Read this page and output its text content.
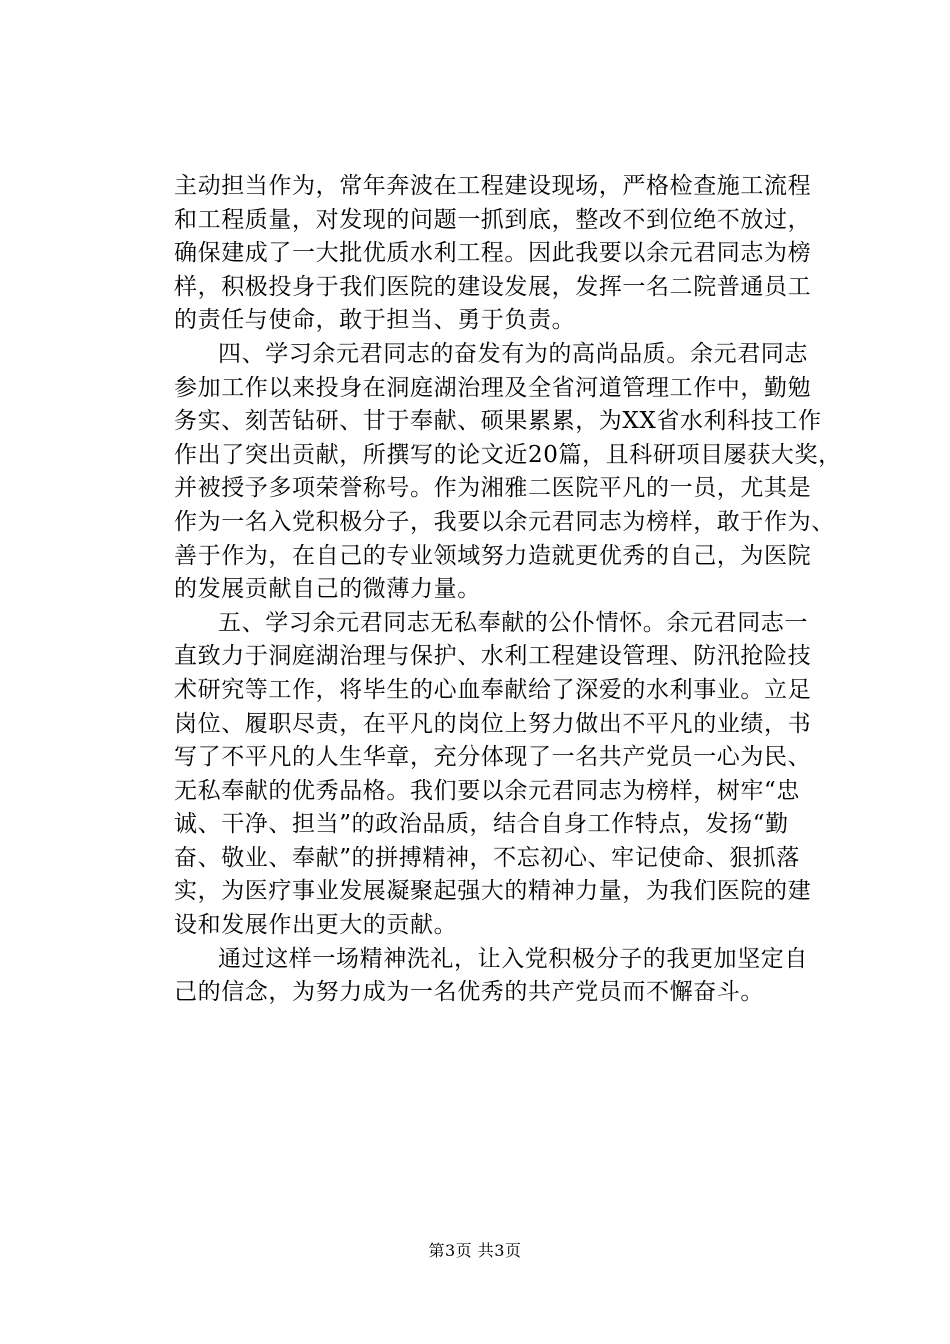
主动担当作为，常年奔波在工程建设现场，严格检查施工流程
和工程质量，对发现的问题一抓到底，整改不到位绝不放过，
确保建成了一大批优质水利工程。因此我要以余元君同志为榜
样，积极投身于我们医院的建设发展，发挥一名二院普通员工
的责任与使命，敢于担当、勇于负责。

四、学习余元君同志的奋发有为的高尚品质。余元君同志
参加工作以来投身在洞庭湖治理及全省河道管理工作中，勤勉
务实、刻苦钻研、甘于奉献、硕果累累，为XX省水利科技工作
作出了突出贡献，所撰写的论文近20篇，且科研项目屡获大奖，
并被授予多项荣誉称号。作为湘雅二医院平凡的一员，尤其是
作为一名入党积极分子，我要以余元君同志为榜样，敢于作为、
善于作为，在自己的专业领域努力造就更优秀的自己，为医院
的发展贡献自己的微薄力量。

五、学习余元君同志无私奉献的公仆情怀。余元君同志一
直致力于洞庭湖治理与保护、水利工程建设管理、防汛抢险技
术研究等工作，将毕生的心血奉献给了深爱的水利事业。立足
岗位、履职尽责，在平凡的岗位上努力做出不平凡的业绩，书
写了不平凡的人生华章，充分体现了一名共产党员一心为民、
无私奉献的优秀品格。我们要以余元君同志为榜样，树牢“忠
诚、干净、担当”的政治品质，结合自身工作特点，发扬“勤
奋、敬业、奉献”的拼搏精神，不忘初心、牢记使命、狠抓落
实，为医疗事业发展凝聚起强大的精神力量，为我们医院的建
设和发展作出更大的贡献。

通过这样一场精神洗礼，让入党积极分子的我更加坚定自
己的信念，为努力成为一名优秀的共产党员而不懈奋斗。

第3页 共3页
